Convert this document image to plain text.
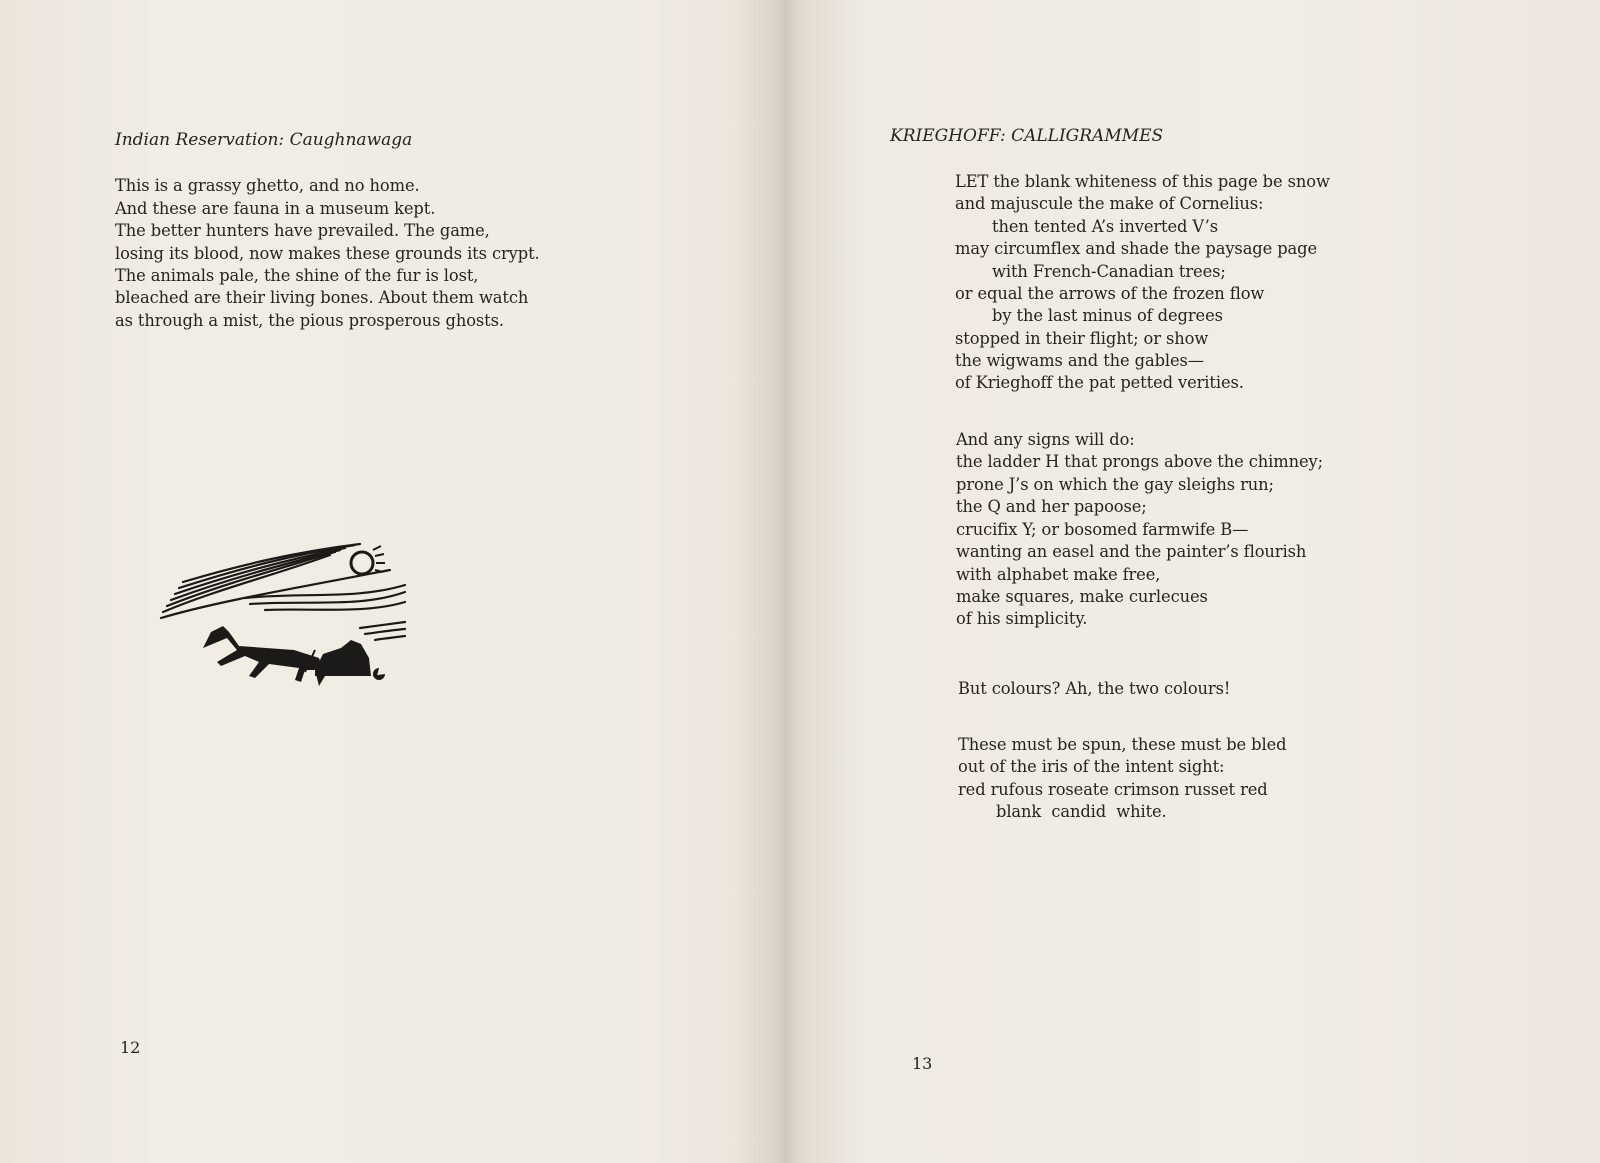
Indian Reservation: Caughnawaga
This is a grassy ghetto, and no home.
And these are fauna in a museum kept.
The better hunters have prevailed. The game,
losing its blood, now makes these grounds its crypt.
The animals pale, the shine of the fur is lost,
bleached are their living bones. About them watch
as through a mist, the pious prosperous ghosts.
12
KRIEGHOFF: CALLIGRAMMES
LET the blank whiteness of this page be snow
and majuscule the make of Cornelius:
then tented A’s inverted V’s
may circumflex and shade the paysage page
with French-Canadian trees;
or equal the arrows of the frozen flow
by the last minus of degrees
stopped in their flight; or show
the wigwams and the gables—
of Krieghoff the pat petted verities.
And any signs will do:
the ladder H that prongs above the chimney;
prone J’s on which the gay sleighs run;
the Q and her papoose;
crucifix Y; or bosomed farmwife B—
wanting an easel and the painter’s flourish
with alphabet make free,
make squares, make curlecues
of his simplicity.
But colours? Ah, the two colours!
These must be spun, these must be bled
out of the iris of the intent sight:
red rufous roseate crimson russet red
blank  candid  white.
13
